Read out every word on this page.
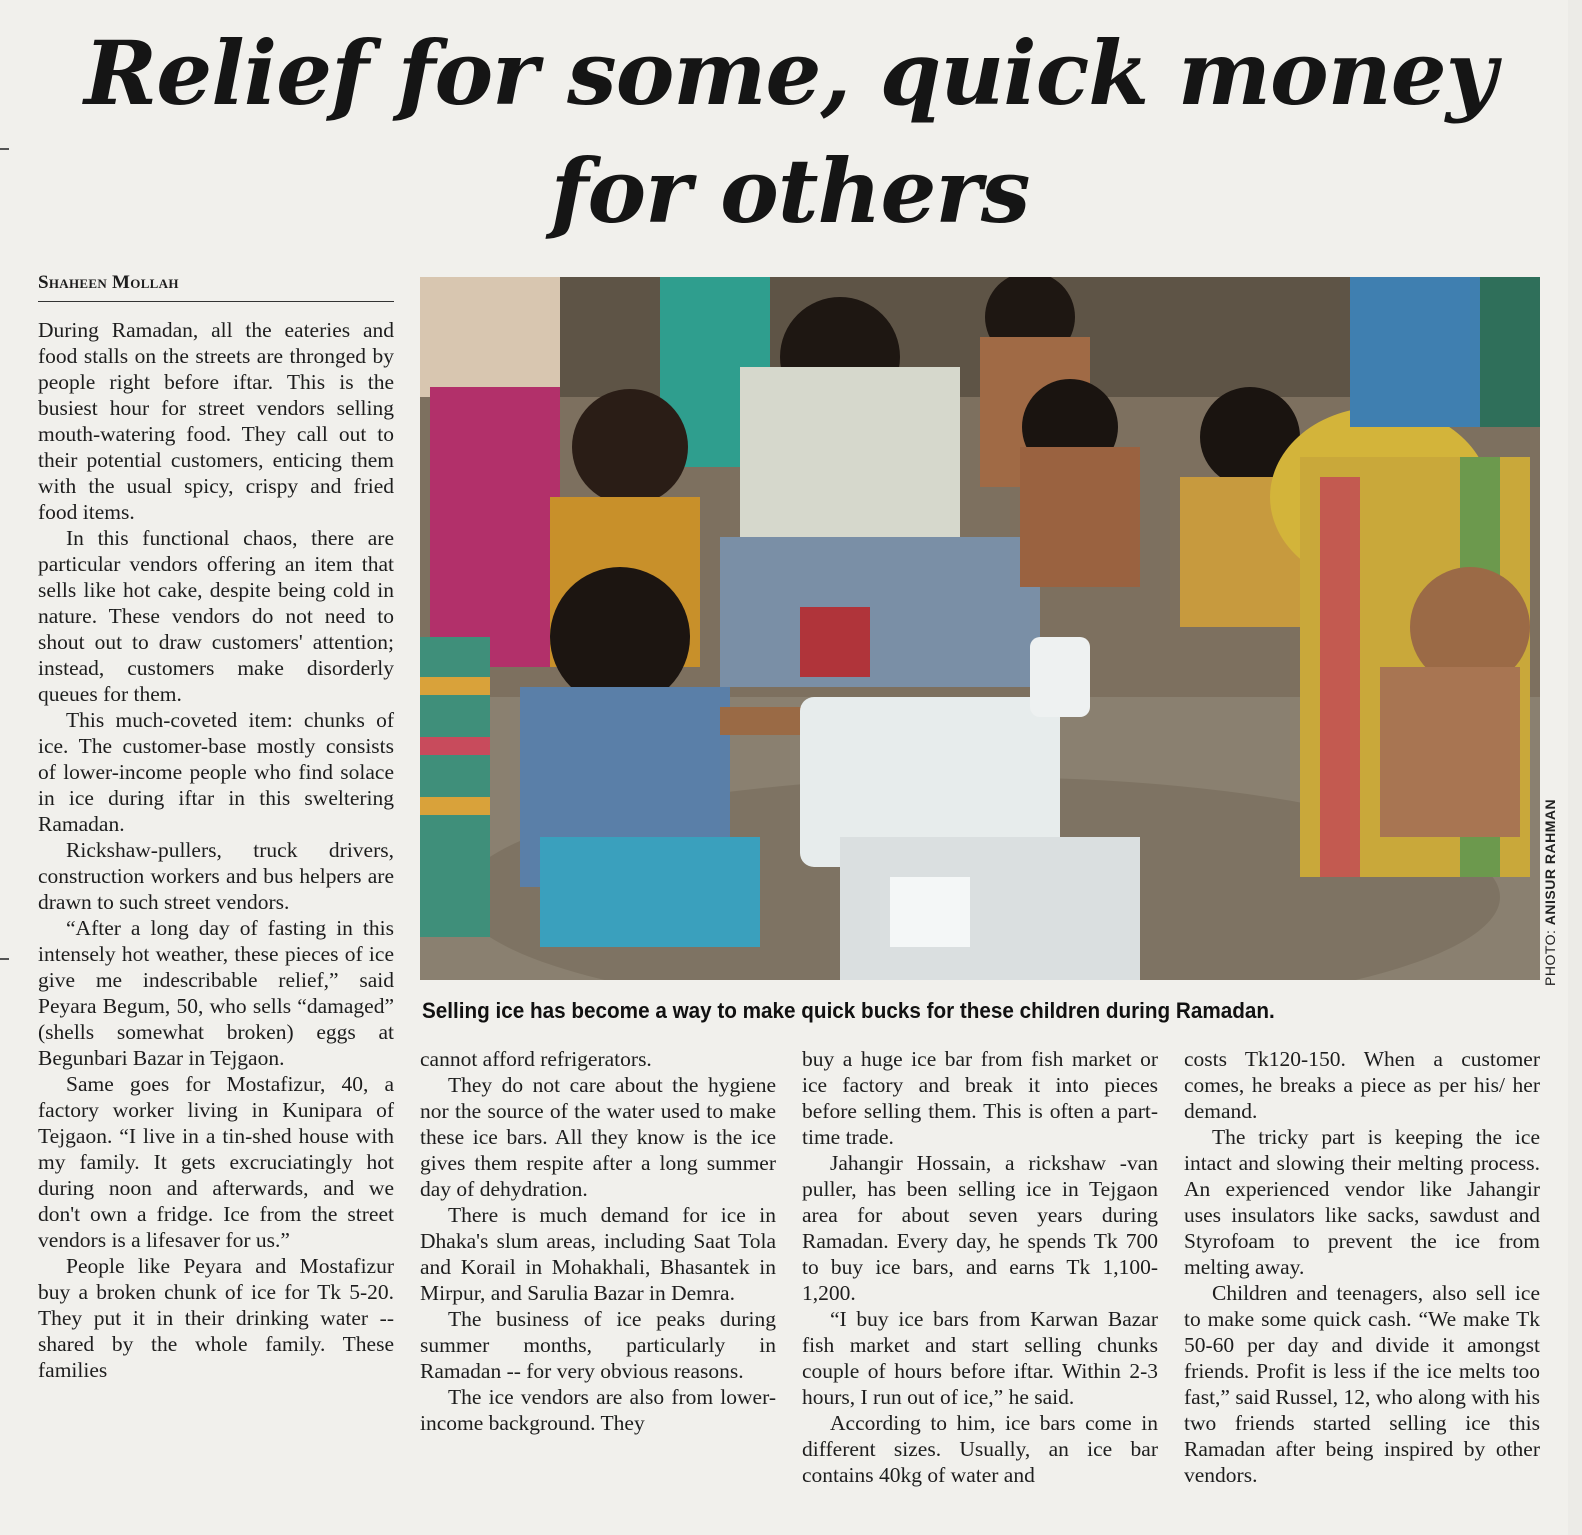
Relief for some, quick money
for others
Shaheen Mollah

During Ramadan, all the eateries and food stalls on the streets are thronged by people right before iftar. This is the busiest hour for street vendors selling mouth-watering food. They call out to their potential customers, enticing them with the usual spicy, crispy and fried food items.

In this functional chaos, there are particular vendors offering an item that sells like hot cake, despite being cold in nature. These vendors do not need to shout out to draw customers' attention; instead, customers make disorderly queues for them.

This much-coveted item: chunks of ice. The customer-base mostly consists of lower-income people who find solace in ice during iftar in this sweltering Ramadan.

Rickshaw-pullers, truck drivers, construction workers and bus helpers are drawn to such street vendors.

“After a long day of fasting in this intensely hot weather, these pieces of ice give me indescribable relief,” said Peyara Begum, 50, who sells “damaged” (shells somewhat broken) eggs at Begunbari Bazar in Tejgaon.

Same goes for Mostafizur, 40, a factory worker living in Kunipara of Tejgaon. “I live in a tin-shed house with my family. It gets excruciatingly hot during noon and afterwards, and we don't own a fridge. Ice from the street vendors is a lifesaver for us.”

People like Peyara and Mostafizur buy a broken chunk of ice for Tk 5-20. They put it in their drinking water -- shared by the whole family. These families

PHOTO: ANISUR RAHMAN
Selling ice has become a way to make quick bucks for these children during Ramadan.

cannot afford refrigerators.

They do not care about the hygiene nor the source of the water used to make these ice bars. All they know is the ice gives them respite after a long summer day of dehydration.

There is much demand for ice in Dhaka's slum areas, including Saat Tola and Korail in Mohakhali, Bhasantek in Mirpur, and Sarulia Bazar in Demra.

The business of ice peaks during summer months, particularly in Ramadan -- for very obvious reasons.

The ice vendors are also from lower-income background. They

buy a huge ice bar from fish market or ice factory and break it into pieces before selling them. This is often a part-time trade.

Jahangir Hossain, a rickshaw -van puller, has been selling ice in Tejgaon area for about seven years during Ramadan. Every day, he spends Tk 700 to buy ice bars, and earns Tk 1,100-1,200.

“I buy ice bars from Karwan Bazar fish market and start selling chunks couple of hours before iftar. Within 2-3 hours, I run out of ice,” he said.

According to him, ice bars come in different sizes. Usually, an ice bar contains 40kg of water and

costs Tk120-150. When a customer comes, he breaks a piece as per his/ her demand.

The tricky part is keeping the ice intact and slowing their melting process. An experienced vendor like Jahangir uses insulators like sacks, sawdust and Styrofoam to prevent the ice from melting away.

Children and teenagers, also sell ice to make some quick cash. “We make Tk 50-60 per day and divide it amongst friends. Profit is less if the ice melts too fast,” said Russel, 12, who along with his two friends started selling ice this Ramadan after being inspired by other vendors.
